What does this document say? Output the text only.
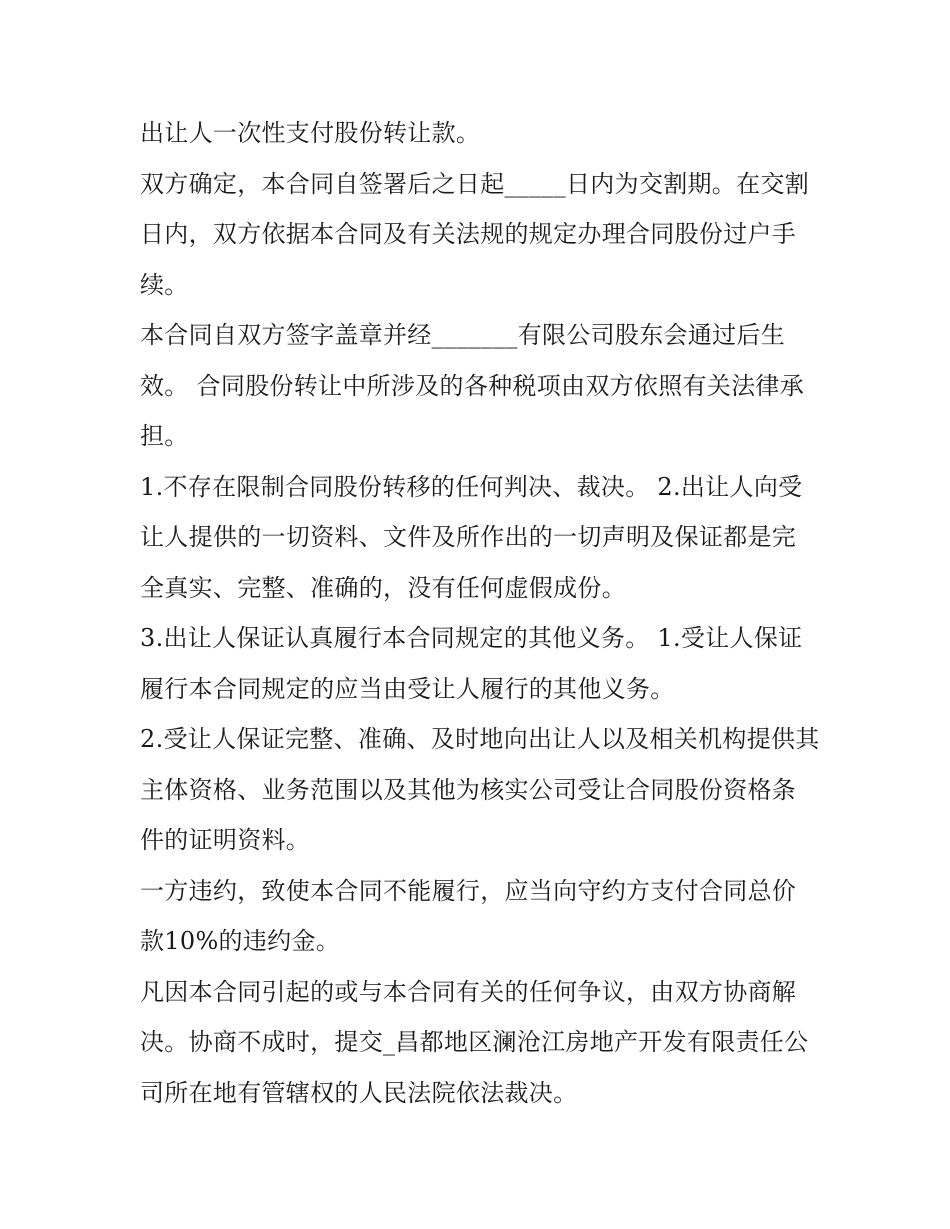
出让人一次性支付股份转让款。

双方确定，本合同自签署后之日起_____日内为交割期。在交割日内，双方依据本合同及有关法规的规定办理合同股份过户手续。

本合同自双方签字盖章并经_______有限公司股东会通过后生效。 合同股份转让中所涉及的各种税项由双方依照有关法律承担。

1.不存在限制合同股份转移的任何判决、裁决。 2.出让人向受让人提供的一切资料、文件及所作出的一切声明及保证都是完全真实、完整、准确的，没有任何虚假成份。

3.出让人保证认真履行本合同规定的其他义务。 1.受让人保证履行本合同规定的应当由受让人履行的其他义务。

2.受让人保证完整、准确、及时地向出让人以及相关机构提供其主体资格、业务范围以及其他为核实公司受让合同股份资格条件的证明资料。

一方违约，致使本合同不能履行，应当向守约方支付合同总价款10%的违约金。

凡因本合同引起的或与本合同有关的任何争议，由双方协商解决。协商不成时，提交_昌都地区澜沧江房地产开发有限责任公司所在地有管辖权的人民法院依法裁决。
